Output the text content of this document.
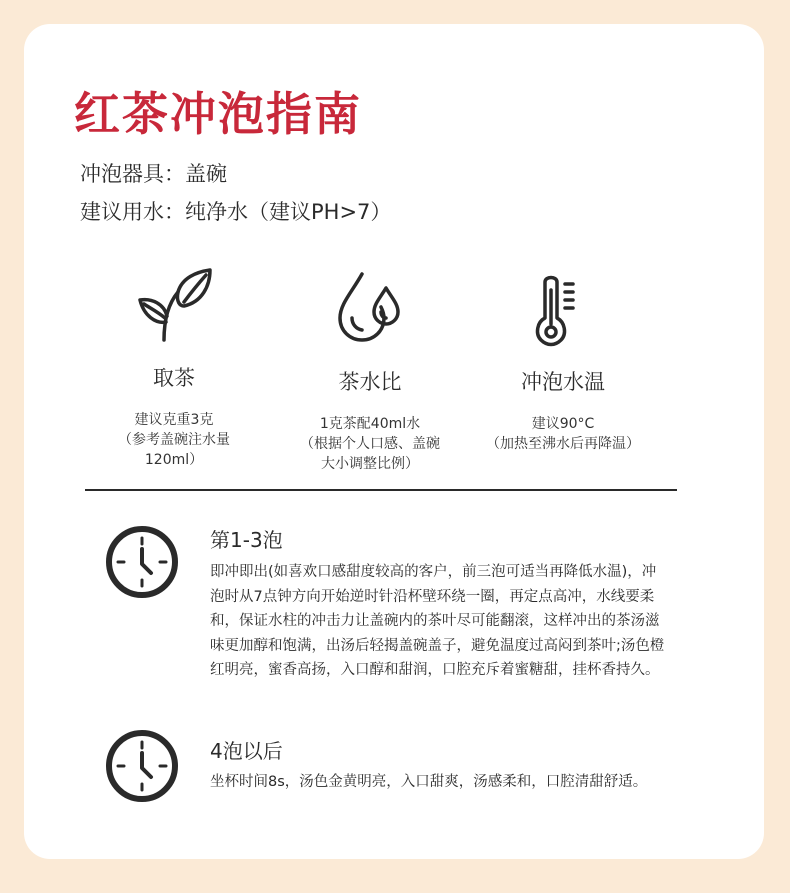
红茶冲泡指南
冲泡器具：盖碗
建议用水：纯净水（建议PH>7）
取茶
建议克重3克
（参考盖碗注水量
120ml）
茶水比
1克茶配40ml水
（根据个人口感、盖碗
大小调整比例）
冲泡水温
建议90°C
（加热至沸水后再降温）
第1-3泡
即冲即出(如喜欢口感甜度较高的客户，前三泡可适当再降低水温)，冲泡时从7点钟方向开始逆时针沿杯壁环绕一圈，再定点高冲，水线要柔和，保证水柱的冲击力让盖碗内的茶叶尽可能翻滚，这样冲出的茶汤滋味更加醇和饱满，出汤后轻揭盖碗盖子，避免温度过高闷到茶叶;汤色橙红明亮，蜜香高扬，入口醇和甜润，口腔充斥着蜜糖甜，挂杯香持久。
4泡以后
坐杯时间8s，汤色金黄明亮，入口甜爽，汤感柔和，口腔清甜舒适。
